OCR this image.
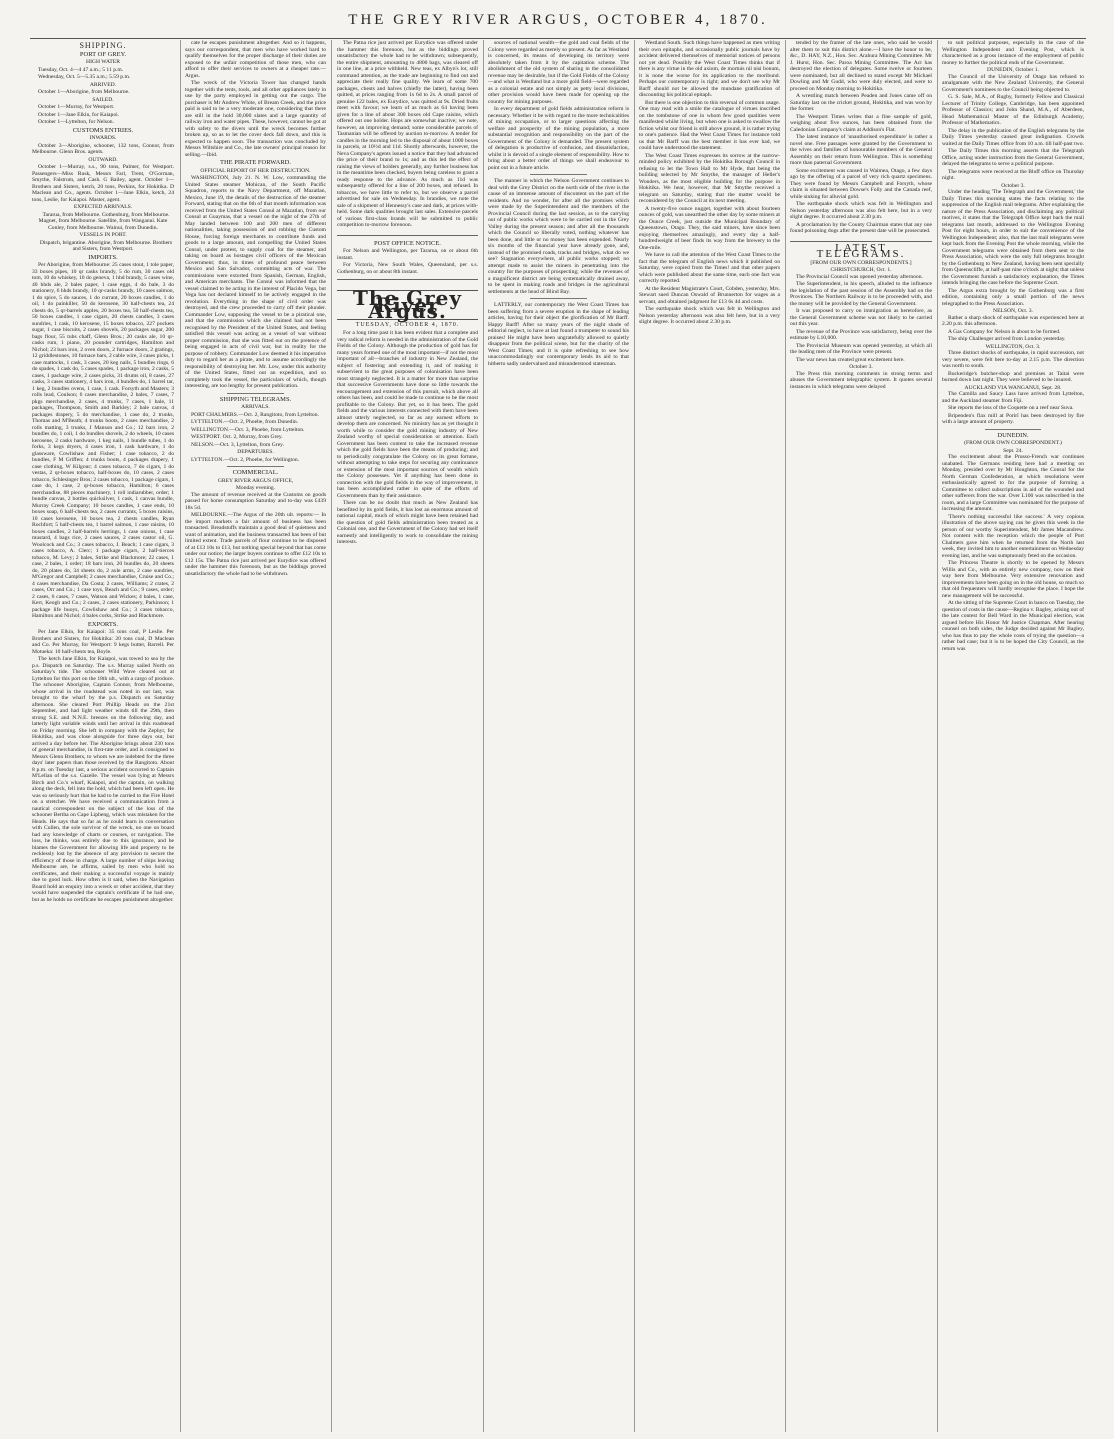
THE GREY RIVER ARGUS, OCTOBER 4, 1870.
SHIPPING.
PORT OF GREY.
HIGH WATER

Tuesday, Oct. 4—4 47 a.m.; 5 11 p.m.

Wednesday, Oct. 5—5.35 a.m.; 5.59 p.m.

ARRIVED.

October 1—Aborigine, from Melbourne.

SAILED.

October 1—Murray, for Westport.

October 1—Jane Elkin, for Kaiapoi.

October 1—Lyttelton, for Nelson.

CUSTOMS ENTRIES.
INWARDS.

October 3—Aborigine, schooner, 132 tons, Connor, from Melbourne. Glenn Bros. agents.

OUTWARD.

October 1—Murray, s.s., 90 tons, Palmer, for Westport. Passengers—Miss Rusk, Messrs Farl, Trent, O'Gorman, Smythe, Falstrum, and Cash. G Bailey, agent. October 1—Brothers and Sisters, ketch, 20 tons, Perkins, for Hokitika. D Maclean and Co., agents. October 1—Jane Elkin, ketch, 24 tons, Leslie, for Kaiapoi. Master, agent.

EXPECTED ARRIVALS.

Tararua, from Melbourne. Gothenburg, from Melbourne. Magnet, from Melbourne. Satellite, from Wanganui. Kate Conley, from Melbourne. Wainui, from Dunedin.

VESSELS IN PORT.

Dispatch, brigantine. Aborigine, from Melbourne. Brothers and Sisters, from Westport.

IMPORTS.

Per Aborigine, from Melbourne: 25 cases stout, 1 tole paper, 33 boxes pipes, 10 qr casks brandy, 5 do rum, 30 cases old tom, 10 do whiskey, 10 do geneva, 1 hhd brandy, 5 cases wine, 40 hhds ale, 2 bales paper, 1 case eggs, 4 do bale, 3 do stationery, 6 hhds brandy, 10 qr-casks brandy, 10 cases salmon, 1 do spice, 5 do sauces, 1 do currant, 20 boxes candles, 1 do oil, 1 do painkiller, 50 do kerosene, 30 half-chests tea, 24 chests do, 5 qr-barrels apples, 20 boxes tea, 50 half-chests tea, 50 boxes candles, 1 case cigars, 20 chests candles, 3 cases sundries, 1 cask, 10 kerosene, 15 boxes tobacco, 227 pockets sugar, 1 case biscuits, 2 cases shovels, 20 packages sugar, 200 bags flour, 55 tubs chaff, Glenn Bros.; 20 casks ale, 10 qr-casks rum, 1 piano, 20 pounder cartridges, Hamilton and Nichol; 23 bars iron, 2 oven doors, 2 furnace doors, 2 gratings, 12 griddlestones, 10 furnace bars, 2 cable wire, 3 cases picks, 1 case mattocks, 1 cask, 3 cases, 20 keg nails, 5 bundles rings, 6 do spades, 1 cask do, 5 cases spades, 1 package iron, 2 casks, 5 cases, 1 package wire, 2 cases picks, 31 drums oil, 8 cases, 27 casks, 3 cases stationery, 4 bars iron, 4 bundles do, 1 barrel tar, 1 keg, 2 bundles ovens, 1 case, 1 cask. Forsyth and Masters; 3 rolls lead, Coulson; 6 cases merchandise, 2 bales, 7 cases, 7 pkgs merchandise, 2 cases, 4 trunks, 7 cases, 1 bale, 11 packages, Thompson, Smith and Barkley; 2 bale canvas, 4 packages drapery, 5 do merchandise, 1 case do, 2 trunks, Thomas and M'Beath; 4 trunks boots, 2 cases merchandise, 2 rolls matting, 3 trunks, J Manson and Co.; 12 bars iron, 2 bundles do, 1 coil, 1 do bundles shovels, 2 do wheels, 10 cases kerosene, 2 casks hardware, 1 keg nails, 1 bundle tubes, 1 do forks, 3 kegs dryers, 4 cases iron, 1 cask hardware, 1 do glassware, Cowlishaw and Fisher; 1 case tobacco, 2 do bundles, F M Griffen; 4 trunks boots, 4 packages drapery, 1 case clothing, W Kilgour; 4 cases tobacco, 7 do cigars, 1 do vestas, 2 qr-boxes tobacco, half-boxes do, 10 cases, 2 cases tobacco, Schlesinger Bros; 2 cases tobacco, 1 package cigars, 1 case do, 1 case, 2 qr-boxes tobacco, Hamilton; 6 cases merchandise, 88 pieces machinery, 1 roll indiarubber, order; 1 bundle canvas, 2 bottles quicksilver, 1 cask, 1 canvas bundle, Murray Creek Company; 10 boxes candles, 1 case ends, 10 boxes soap, 6 half-chests tea, 2 cases currants, 5 boxes raisins, 10 cases kerosene, 10 boxes tea, 2 chests candles, Ryan Rochfort; 5 half-chests tea, 1 barrel salmon, 1 case raisins, 10 boxes candles, 2 half-barrels herrings, 1 case onions, 1 case mustard, 4 bags rice, 2 cases sauces, 2 cases castor oil, G. Woolcock and Co.; 3 cases tobacco, J. Beach; 1 case cigars, 3 cases tobacco, A. Clerc; 1 package cigars, 2 half-tierces tobacco, M. Levy; 2 bales, Strike and Blackmore; 22 cases, 1 case, 2 bales, 1 order; 18 bars iron, 20 bundles do, 20 sheets do, 20 plates do, 34 sheets do, 2 axle arms, 2 case sundries, M'Gregor and Campbell; 2 cases merchandise, Cruise and Co.; 4 cases merchandise, Da Costa; 2 cases, Williams; 2 crates, 2 cases, Orr and Co.; 1 case toys, Beach and Co.; 9 cases, order; 2 cases, 6 cases, 7 cases, Watson and Wickes; 4 bales, 1 case, Kerr, Keogh and Co.; 2 cases, 2 cases stationery, Parkinson; 1 package life buoys, Cowlishaw and Co.; 3 cases tobacco, Hamilton and Nichol; 4 bales corks, Strike and Blackmore.

EXPORTS.

Per Jane Elkin, for Kaiapoi: 35 tons coal, P Leslie. Per Brothers and Sisters, for Hokitika: 20 tons coal, D Maclean and Co. Per Murray, for Westport: 9 kegs butter, Barrell. Per Motueka: 10 half-chests tea, Boyle.

The ketch Jane Elkin, for Kaiapoi, was towed to sea by the p.s. Dispatch on Saturday. The s.s. Murray sailed North on Saturday's tide. The schooner Wild Wave cleared out at Lyttelton for this port on the 18th ult., with a cargo of produce. The schooner Aborigine, Captain Connor, from Melbourne, whose arrival in the roadstead was noted in our last, was brought to the wharf by the p.s. Dispatch on Saturday afternoon. She cleared Port Phillip Heads on the 21st September, and had light weather winds till the 29th, then strong S.E. and N.N.E. breezes on the following day, and latterly light variable winds until her arrival in this roadstead on Friday morning. She left in company with the Zephyr, for Hokitika, and was close alongside for three days out, but arrived a day before her. The Aborigine brings about 230 tons of general merchandise, in first-rate order, and is consigned to Messrs Glenn Brothers, to whom we are indebted for the three days' later papers than those received by the Rangitoto. About 8 p.m. on Tuesday last, a serious accident occurred to Captain M'Lellan of the s.s. Gazelle. The vessel was lying at Messrs Birch and Co.'s wharf, Kaiapoi, and the captain, on walking along the deck, fell into the hold, which had been left open. He was so seriously hurt that he had to be carried to the Fire Hotel on a stretcher. We have received a communication from a nautical correspondent on the subject of the loss of the schooner Bertha on Cape Lipbeng, which was mistaken for the Heads. He says that so far as he could learn in conversation with Cullen, the sole survivor of the wreck, no one on board had any knowledge of charts or courses, or navigation. The loss, he thinks, was entirely due to this ignorance, and he blames the Government for allowing life and property to be recklessly lost by the absence of any provision to secure the efficiency of those in charge. A large number of ships leaving Melbourne are, he affirms, sailed by men who hold no certificates, and their making a successful voyage is mainly due to good luck. How often is it said, when the Navigation Board hold an enquiry into a wreck or other accident, that they would have suspended the captain's certificate if he had one, but as he holds no certificate he escapes punishment altogether.

cate he escapes punishment altogether. And so it happens, says our correspondent, that men who have worked hard to qualify themselves for the proper discharge of their duties are exposed to the unfair competition of those men, who can afford to offer their services to owners at a cheaper rate.—Argus.

The wreck of the Victoria Tower has changed hands together with the tents, tools, and all other appliances lately in use by the party employed in getting out the cargo. The purchaser is Mr Andrew White, of Bream Creek, and the price paid is said to be a very moderate one, considering that there are still in the hold 30,000 slates and a large quantity of railway iron and water pipes. These, however, cannot be got at with safety to the divers until the wreck becomes further broken up, so as to let the cover deck fall down, and this is expected to happen soon. The transaction was concluded by Messrs Wiltshire and Co., the late owners' principal reason for selling.—Ibid.

THE PIRATE FORWARD.
OFFICIAL REPORT OF HER DESTRUCTION.

WASHINGTON, July 21. N. W. Low, commanding the United States steamer Mohican, of the South Pacific Squadron, reports to the Navy Department, off Mazatlan, Mexico, June 19, the details of the destruction of the steamer Forward, stating that on the 6th of that month information was received from the United States Consul at Mazatlan, from our Consul at Guaymas, that a vessel on the night of the 27th of May landed between 100 and 200 men of different nationalities, taking possession of and robbing the Custom House, forcing foreign merchants to contribute funds and goods to a large amount, and compelling the United States Consul, under protest, to supply coal for the steamer, and taking on board as hostages civil officers of the Mexican Government; thus, in times of profound peace between Mexico and San Salvador, committing acts of war. The commissions were extorted from Spanish, German, English, and American merchants. The Consul was informed that the vessel claimed to be acting in the interest of Placido Vega, but Vega has not declared himself to be actively engaged in the revolution. Everything in the shape of civil order was destroyed, and the crew proceeded to carry off their plunder. Commander Low, supposing the vessel to be a piratical one, and that the commission which she claimed had not been recognised by the President of the United States, and feeling satisfied this vessel was acting as a vessel of war without proper commission, that she was fitted out on the pretence of being engaged in acts of civil war, but in reality for the purpose of robbery. Commander Low deemed it his imperative duty to regard her as a pirate, and to assume accordingly the responsibility of destroying her. Mr. Low, under this authority of the United States, fitted out an expedition, and so completely took the vessel, the particulars of which, though interesting, are too lengthy for present publication.

SHIPPING TELEGRAMS.
ARRIVALS.

PORT CHALMERS.—Oct. 2, Rangitoto, from Lyttelton.

LYTTELTON.—Oct. 2, Phoebe, from Dunedin.

WELLINGTON.—Oct. 3, Phoebe, from Lyttelton.

WESTPORT. Oct. 2, Murray, from Grey.

NELSON.—Oct. 3, Lyttelton, from Grey.

DEPARTURES.

LYTTELTON.—Oct. 2, Phoebe, for Wellington.

COMMERCIAL.
GREY RIVER ARGUS OFFICE,
Monday evening.

The amount of revenue received at the Customs on goods passed for home consumption Saturday and to-day was £439 18s 5d.

MELBOURNE.—The Argus of the 20th ult. reports:— In the import markets a fair amount of business has been transacted. Breadstuffs maintain a good deal of quietness and want of animation, and the business transacted has been of but limited extent. Trade parcels of flour continue to be disposed of at £13 10s to £13, but nothing special beyond that has come under our notice; the larger buyers continue to offer £12 10s to £12 15s. The Patna rice just arrived per Eurydice was offered under the hammer this forenoon, but as the biddings proved unsatisfactory the whole had to be withdrawn.

The Patna rice just arrived per Eurydice was offered under the hammer this forenoon, but as the biddings proved unsatisfactory the whole had to be withdrawn; subsequently, the entire shipment, amounting to 4800 bags, was cleared off in one line, at a price withheld. New teas, ex Albyn's lot, still command attention, as the trade are beginning to find out and appreciate their really fine quality. We learn of some 700 packages, chests and halves (chiefly the latter), having been quitted, at prices ranging from 1s 6d to 2s. A small parcel of genuine 122 bales, ex Eurydice, was quitted at 9s. Dried fruits meet with favour; we learn of as much as 64 having been given for a line of about 300 boxes old Cape raisins, which offered out one holder. Hops are somewhat inactive; we note, however, an improving demand; some considerable parcels of Tasmanian will be offered by auction to-morrow. A tender for candles in the morning led to the disposal of about 1000 boxes in parcels, at 10½d and 11d. Shortly afterwards, however, the Neva Company's agents issued a notice that they had advanced the price of their brand to 1s; and as this led the effect of raising the views of holders generally, any further business has in the meantime been checked, buyers being careless to grant a ready response to the advance. As much as 11d was subsequently offered for a line of 200 boxes, and refused. In tobaccos, we have little to refer to, but we observe a parcel advertised for sale on Wednesday. In brandies, we note the sale of a shipment of Hennessy's case and dark, at prices with-held. Some dark qualities brought last sales. Extensive parcels of various first-class brands will be submitted to public competition to-morrow forenoon.

POST OFFICE NOTICE.

For Nelson and Wellington, per Tararua, on or about 6th instant.

For Victoria, New South Wales, Queensland, per s.s. Gothenburg, on or about 8th instant.

The Grey River Argus.
TUESDAY, OCTOBER 4, 1870.

For a long time past it has been evident that a complete and very radical reform is needed in the administration of the Gold Fields of the Colony. Although the production of gold has for many years formed one of the most important—if not the most important of all—branches of industry in New Zealand, the subject of fostering and extending it, and of making it subservient to the great purposes of colonisation have been most strangely neglected. It is a matter for more than surprise that successive Governments have done so little towards the encouragement and extension of this pursuit, which above all others has been, and could be made to continue to be the most profitable to the Colony. But yet, so it has been. The gold fields and the various interests connected with them have been almost utterly neglected, so far as any earnest efforts to develop them are concerned. No ministry has as yet thought it worth while to consider the gold mining industry of New Zealand worthy of special consideration or attention. Each Government has been content to take the increased revenue which the gold fields have been the means of producing; and to periodically congratulate the Colony on its great fortune, without attempting to take steps for securing any continuance or extension of the most important sources of wealth which the Colony possesses. Yet if anything has been done in connection with the gold fields in the way of improvement, it has been accomplished rather in spite of the efforts of Governments than by their assistance.

There can be no doubt that much as New Zealand has benefited by its gold fields, it has lost an enormous amount of national capital, much of which might have been retained had the question of gold fields administration been treated as a Colonial one, and the Government of the Colony had set itself earnestly and intelligently to work to consolidate the mining interests.

sources of national wealth—the gold and coal fields of the Colony were regarded as merely so present. As far as Westland is concerned, its means of developing its territory were absolutely taken from it by the capitation scheme. The abolishment of the old system of sharing in the consolidated revenue may be desirable, but if the Gold Fields of the Colony—and what is Westland but a more gold field—were regarded as a colonial estate and not simply as petty local divisions, other provision would have been made for opening up the country for mining purposes.

In every department of gold fields administration reform is necessary. Whether it be with regard to the more technicalities of mining occupation, or to larger questions affecting the welfare and prosperity of the mining population, a more substantial recognition and responsibility on the part of the Government of the Colony is demanded. The present system of delegation is productive of confusion, and dissatisfaction, whilst it is devoid of a single element of responsibility. How to bring about a better order of things we shall endeavour to point out in a future article.

The manner in which the Nelson Government continues to deal with the Grey District on the north side of the river is the cause of an immense amount of discontent on the part of the residents. And no wonder, for after all the promises which were made by the Superintendent and the members of the Provincial Council during the last session, as to the carrying out of public works which were to be carried out in the Grey Valley during the present season; and after all the thousands which the Council so liberally voted, nothing whatever has been done, and little or no money has been expended. Nearly six months of the financial year have already gone, and, instead of the promised roads, tracks and bridges, what do we see? Stagnation everywhere, all public works stopped; no attempt made to assist the miners in penetrating into the country for the purposes of prospecting; while the revenues of a magnificent district are being systematically drained away, to be spent in making roads and bridges in the agricultural settlements at the head of Blind Bay.

LATTERLY, our contemporary the West Coast Times has been suffering from a severe eruption in the shape of leading articles, having for their object the glorification of Mr Barff. Happy Barff! After so many years of the night shade of editorial neglect, to have at last found a trumpeter to sound his praises! He might have been ungratefully allowed to quietly disappear from the political scene, but for the charity of the West Coast Times; and it is quite refreshing to see how unaccommodatingly our contemporary lends its aid to that hitherto sadly undervalued and misunderstood statesman.

Westland South. Such things have happened as men writing their own epitaphs, and occasionally public journals have by accident delivered themselves of memorial notices of persons not yet dead. Possibly the West Coast Times thinks that if there is any virtue in the old axiom, de mortuis nil nisi bonum, it is none the worse for its application to the moribund. Perhaps our contemporary is right; and we don't see why Mr Barff should not be allowed the mundane gratification of discounting his political epitaph.

But there is one objection to this reversal of common usage. One may read with a smile the catalogue of virtues inscribed on the tombstone of one in whom few good qualities were manifested whilst living, but when one is asked to swallow the fiction whilst our friend is still above ground, it is rather trying to one's patience. Had the West Coast Times for instance told us that Mr Barff was the best member it has ever had, we could have understood the statement.

The West Coast Times expresses its sorrow at the narrow-minded policy exhibited by the Hokitika Borough Council in refusing to let the Town Hall to Mr Hyde, that being the building selected by Mr Smythe, the manager of Heller's Wonders, as the most eligible building for the purpose in Hokitika. We hear, however, that Mr Smythe received a telegram on Saturday, stating that the matter would be reconsidered by the Council at its next meeting.

A twenty-five ounce nugget, together with about fourteen ounces of gold, was unearthed the other day by some miners at the Ounce Creek, just outside the Municipal Boundary of Queenstown, Otago. They, the said miners, have since been enjoying themselves amazingly, and every day a half-hundredweight of beer finds its way from the brewery to the One-mile.

We have to call the attention of the West Coast Times to the fact that the telegram of English news which it published on Saturday, were copied from the Times! and that other papers which were published about the same time, each one fact was correctly reported.

At the Resident Magistrate's Court, Cobden, yesterday, Mrs. Stewart sued Duncan Oswald of Brunnerton for wages as a servant, and obtained judgment for £13 6s 4d and costs.

The earthquake shock which was felt in Wellington and Nelson yesterday afternoon was also felt here, but in a very slight degree. It occurred about 2.30 p.m.

tended by the framer of the late ones, who said he would alter them to suit this district alone.—I have the honor to be, &c., D. HAY, N.Z., Hon. Sec. Arahura Mining Committee. Mr J. Hurst, Hon. Sec. Paroa Mining Committee. The Act has destroyed the election of delegates. Some twelve or fourteen were nominated, but all declined to stand except Mr Michael Dowling and Mr Gudd, who were duly elected, and were to proceed on Monday morning to Hokitika.

A wrestling match between Peaden and Jones came off on Saturday last on the cricket ground, Hokitika, and was won by the former.

The Westport Times writes that a fine sample of gold, weighing about five ounces, has been obtained from the Caledonian Company's claim at Addison's Flat.

The latest instance of 'unauthorised expenditure' is rather a novel one. Free passages were granted by the Government to the wives and families of honourable members of the General Assembly on their return from Wellington. This is something more than paternal Government.

Some excitement was caused in Waimea, Otago, a few days ago by the offering of a parcel of very rich quartz specimens. They were found by Messrs Campbell and Forsyth, whose claim is situated between Dowse's Folly and the Canada reef, while sinking for alluvial gold.

The earthquake shock which was felt in Wellington and Nelson yesterday afternoon was also felt here, but in a very slight degree. It occurred about 2.30 p.m.

A proclamation by the County Chairman states that any one found poisoning dogs after the present date will be prosecuted.

LATEST TELEGRAMS.
[FROM OUR OWN CORRESPONDENTS.]
CHRISTCHURCH, Oct. 1.

The Provincial Council was opened yesterday afternoon.

The Superintendent, in his speech, alluded to the influence the legislation of the past session of the Assembly had on the Provinces. The Northern Railway is to be proceeded with, and the money will be provided by the General Government.

It was proposed to carry on immigration as heretofore, as the General Government scheme was not likely to be carried out this year.

The revenue of the Province was satisfactory, being over the estimate by L10,000.

The Provincial Museum was opened yesterday, at which all the leading men of the Province were present.

The war news has created great excitement here.

October 3.

The Press this morning comments in strong terms and abuses the Government telegraphic system. It quotes several instances in which telegrams were delayed

to suit political purposes, especially in the case of the Wellington Independent and Evening Post, which is characterised as a gross instance of the employment of public money to further the political ends of the Government.

DUNEDIN, October 1.

The Council of the University of Otago has refused to amalgamate with the New Zealand University, the General Government's nominees to the Council being objected to.

G. S. Sale, M.A., of Rugby, formerly Fellow and Classical Lecturer of Trinity College, Cambridge, has been appointed Professor of Classics; and John Shand, M.A., of Aberdeen, Head Mathematical Master of the Edinburgh Academy, Professor of Mathematics.

The delay in the publication of the English telegrams by the Daily Times yesterday caused great indignation. Crowds waited at the Daily Times office from 10 a.m. till half-past two.

The Daily Times this morning asserts that the Telegraph Office, acting under instruction from the General Government, delayed the telegrams to serve a political purpose.

The telegrams were received at the Bluff office on Thursday night.

October 3.

Under the heading 'The Telegraph and the Government,' the Daily Times this morning states the facts relating to the suppression of the English mail telegrams. After explaining the nature of the Press Association, and disclaiming any political motives, it states that the Telegraph Office kept back the mail telegrams last month, addressed to the Wellington Evening Post for eight hours, in order to suit the convenience of the Wellington Independent; also, that the last mail telegrams were kept back from the Evening Post the whole morning, while the Government telegrams were obtained from them sent to the Press Association, which were the only full telegrams brought by the Gothenburg to New Zealand, having been sent specially from Queenscliffe, at half-past nine o'clock at night; that unless the Government furnish a satisfactory explanation, the Times intends bringing the case before the Supreme Court.

The Argus extra brought by the Gothenburg was a first edition, containing only a small portion of the news telegraphed to the Press Association.

NELSON, Oct. 3.

Rather a sharp shock of earthquake was experienced here at 2.20 p.m. this afternoon.

A Gas Company for Nelson is about to be formed.

The ship Challenger arrived from London yesterday.

WELLINGTON, Oct. 3.

Three distinct shocks of earthquake, in rapid succession, not very severe, were felt here to-day at 2.15 p.m. The direction was north to south.

Buckeridge's butcher-shop and premises at Taitai were burned down last night. They were believed to be insured.

AUCKLAND VIA WANGANUI, Sept. 28.

The Camilla and Saucy Lass have arrived from Lyttelton, and the Auckland steamer from Fiji.

She reports the loss of the Coquette on a reef near Suva.

Bripenden's flax mill at Porirī has been destroyed by fire with a large amount of property.

DUNEDIN.
(FROM OUR OWN CORRESPONDENT.)
Sept. 24.

The excitement about the Prusso-French war continues unabated. The Germans residing here had a meeting on Monday, presided over by Mr Houghton, the Consul for the North German Confederation, at which resolutions were enthusiastically agreed to for the purpose of forming a Committee to collect subscriptions in aid of the wounded and other sufferers from the war. Over L100 was subscribed in the room, and a large Committee was nominated for the purpose of increasing the amount.

'There's nothing successful like success.' A very copious illustration of the above saying can be given this week in the person of our worthy Superintendent, Mr James Macandrew. Not content with the reception which the people of Port Chalmers gave him when he returned from the North last week, they invited him to another entertainment on Wednesday evening last, and he was sumptuously feted on the occasion.

The Princess Theatre is shortly to be opened by Messrs Willis and Co., with an entirely new company, now on their way here from Melbourne. Very extensive renovation and improvements have been going on in the old house, so much so that old frequenters will hardly recognise the place. I hope the new management will be successful.

At the sitting of the Supreme Court in banco on Tuesday, the question of costs in the cause—Regina v. Bagley, arising out of the late contest for Bell Ward in the Municipal election, was argued before His Honor Mr Justice Chapman. After hearing counsel on both sides, the Judge decided against Mr Bagley, who has thus to pay the whole costs of trying the question—a rather bad case; but it is to be hoped the City Council, as the return was
